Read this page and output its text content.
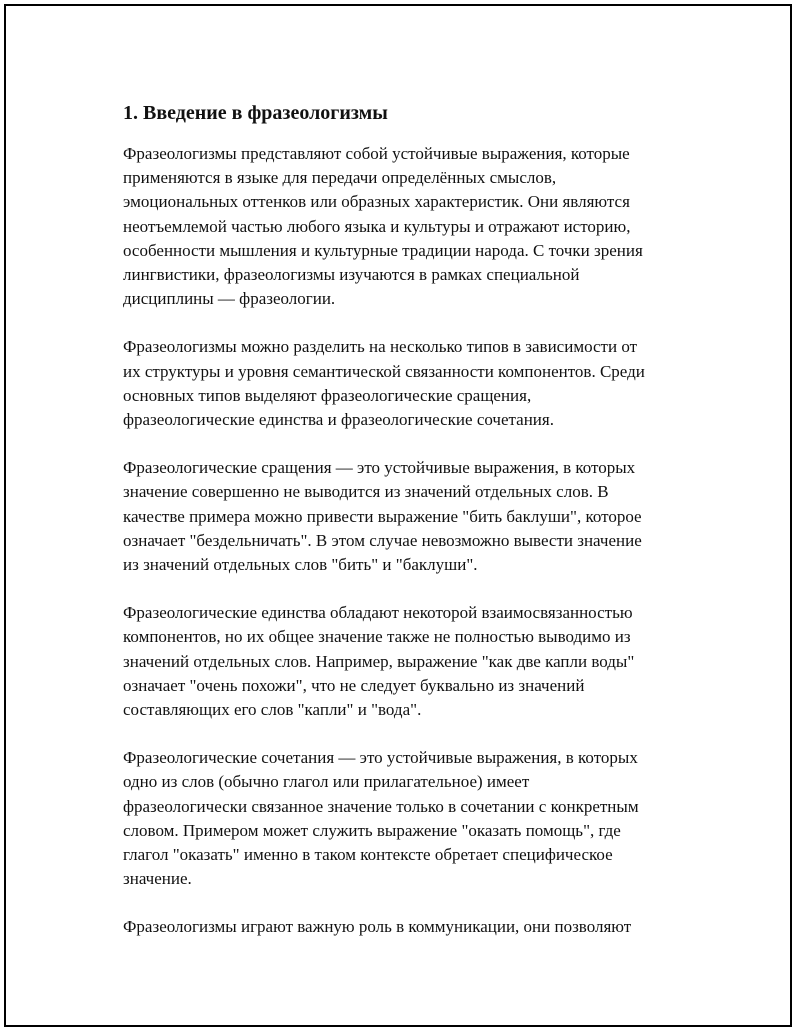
1. Введение в фразеологизмы

Фразеологизмы представляют собой устойчивые выражения, которые
применяются в языке для передачи определённых смыслов,
эмоциональных оттенков или образных характеристик. Они являются
неотъемлемой частью любого языка и культуры и отражают историю,
особенности мышления и культурные традиции народа. С точки зрения
лингвистики, фразеологизмы изучаются в рамках специальной
дисциплины — фразеологии.

Фразеологизмы можно разделить на несколько типов в зависимости от
их структуры и уровня семантической связанности компонентов. Среди
основных типов выделяют фразеологические сращения,
фразеологические единства и фразеологические сочетания.

Фразеологические сращения — это устойчивые выражения, в которых
значение совершенно не выводится из значений отдельных слов. В
качестве примера можно привести выражение "бить баклуши", которое
означает "бездельничать". В этом случае невозможно вывести значение
из значений отдельных слов "бить" и "баклуши".

Фразеологические единства обладают некоторой взаимосвязанностью
компонентов, но их общее значение также не полностью выводимо из
значений отдельных слов. Например, выражение "как две капли воды"
означает "очень похожи", что не следует буквально из значений
составляющих его слов "капли" и "вода".

Фразеологические сочетания — это устойчивые выражения, в которых
одно из слов (обычно глагол или прилагательное) имеет
фразеологически связанное значение только в сочетании с конкретным
словом. Примером может служить выражение "оказать помощь", где
глагол "оказать" именно в таком контексте обретает специфическое
значение.

Фразеологизмы играют важную роль в коммуникации, они позволяют
